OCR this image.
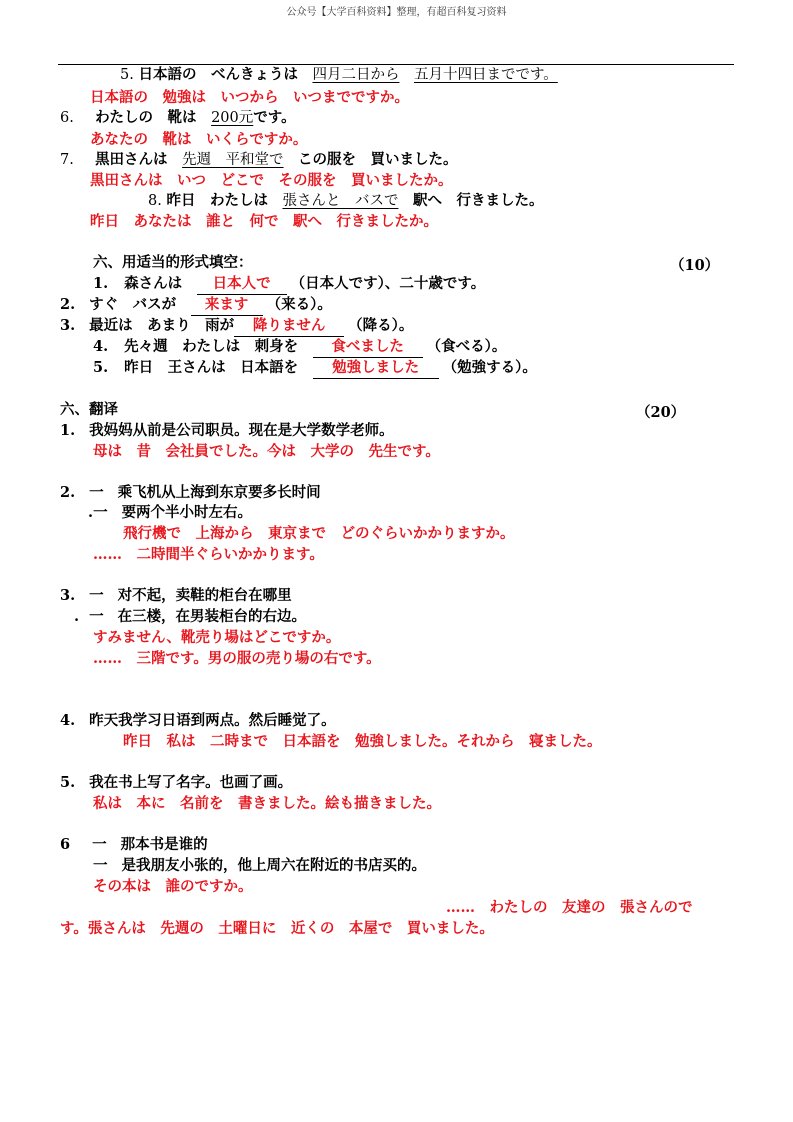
公众号【大学百科资料】整理，有超百科复习资料
5. 日本語の　べんきょうは　四月二日から　 五月十四日までです。
日本語の　勉強は　いつから　いつまでですか。
6. わたしの　靴は　200元です。
あなたの　靴は　いくらですか。
7. 黒田さんは　先週　平和堂で　この服を　買いました。
黒田さんは　いつ　どこで　その服を　買いましたか。
8. 昨日　わたしは　張さんと　バスで　駅へ　行きました。
昨日　あなたは　誰と　何で　駅へ　行きましたか。
六、用适当的形式填空：	（10）
1. 森さんは　日本人で （日本人です）、二十歳です。
2. すぐ　バスが　来ます （来る）。
3. 最近は　あまり　雨が 降りません （降る）。
4. 先々週　わたしは　刺身を　食べました （食べる）。
5. 昨日　王さんは　日本語を　勉強しました （勉強する）。
六、翻译	（20）
1. 我妈妈从前是公司职员。现在是大学数学老师。
母は　昔　会社員でした。今は　大学の　先生です。
2. 一 乘飞机从上海到东京要多长时间
.一 要两个半小时左右。
飛行機で　上海から　東京まで　どのぐらいかかりますか。
……　二時間半ぐらいかかります。
3. 一 对不起，卖鞋的柜台在哪里
. 一 在三楼，在男装柜台的右边。
すみません、靴売り場はどこですか。
……　三階です。男の服の売り場の右です。
4. 昨天我学习日语到两点。然后睡觉了。
昨日　私は　二時まで　日本語を　勉強しました。それから　寝ました。
5. 我在书上写了名字。也画了画。
私は　本に　名前を　書きました。絵も描きました。
6 一 那本书是谁的
一 是我朋友小张的，他上周六在附近的书店买的。
その本は　誰のですか。
……　わたしの　友達の　張さんので
す。張さんは　先週の　土曜日に　近くの　本屋で　買いました。
